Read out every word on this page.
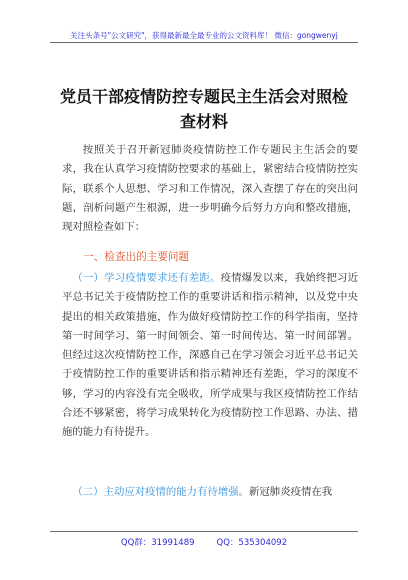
关注头条号"公文研究"，获得最新最全最专业的公文资料库！ 微信：gongwenyj
党员干部疫情防控专题民主生活会对照检查材料

按照关于召开新冠肺炎疫情防控工作专题民主生活会的要求，我在认真学习疫情防控要求的基础上，紧密结合疫情防控实际，联系个人思想、学习和工作情况，深入查摆了存在的突出问题，剖析问题产生根源，进一步明确今后努力方向和整改措施，现对照检查如下：

一、检查出的主要问题

（一）学习疫情要求还有差距。疫情爆发以来，我始终把习近平总书记关于疫情防控工作的重要讲话和指示精神，以及党中央提出的相关政策措施，作为做好疫情防控工作的科学指南，坚持第一时间学习、第一时间领会、第一时间传达、第一时间部署。但经过这次疫情防控工作，深感自己在学习领会习近平总书记关于疫情防控工作的重要讲话和指示精神还有差距，学习的深度不够，学习的内容没有完全吸收，所学成果与我区疫情防控工作结合还不够紧密，将学习成果转化为疫情防控工作思路、办法、措施的能力有待提升。

（二）主动应对疫情的能力有待增强。新冠肺炎疫情在我

QQ群：31991489	QQ：535304092
